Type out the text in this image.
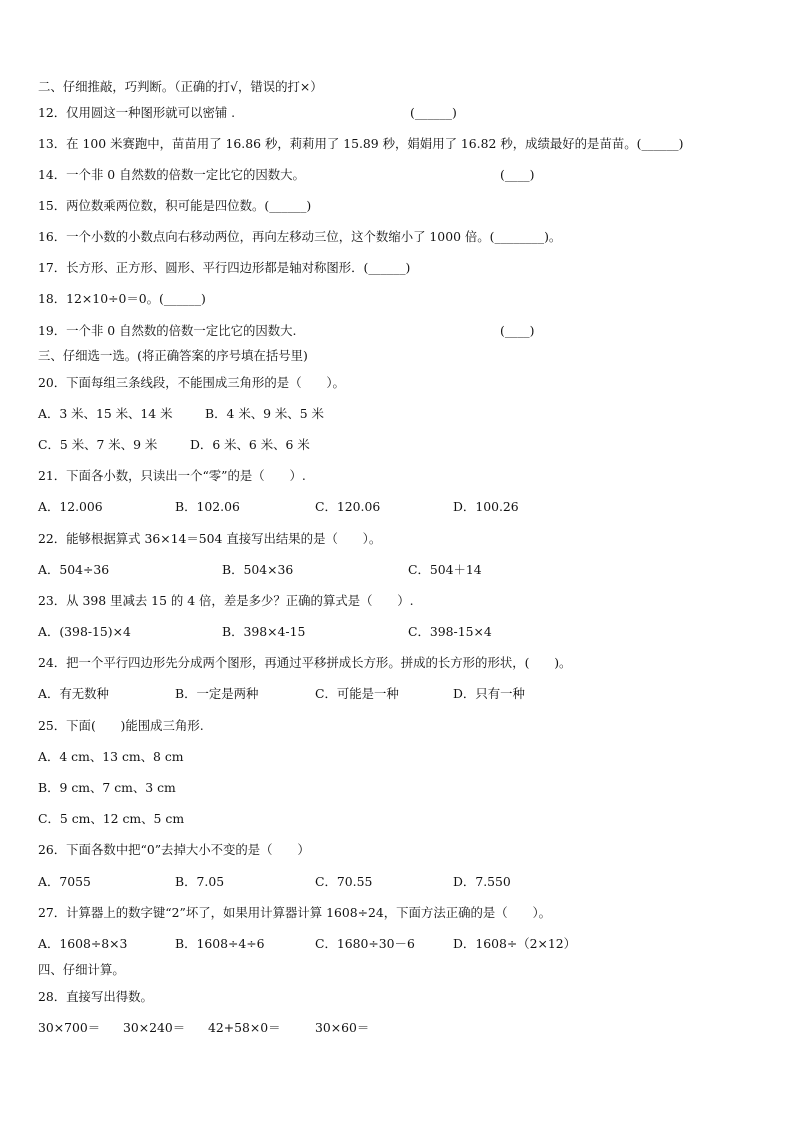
二、仔细推敲，巧判断。（正确的打√，错误的打×）
12．仅用圆这一种图形就可以密铺 .	(______)
13．在 100 米赛跑中，苗苗用了 16.86 秒，莉莉用了 15.89 秒，娟娟用了 16.82 秒，成绩最好的是苗苗。(______)
14．一个非 0 自然数的倍数一定比它的因数大。	(____)
15．两位数乘两位数，积可能是四位数。(______)
16．一个小数的小数点向右移动两位，再向左移动三位，这个数缩小了 1000 倍。(________)。
17．长方形、正方形、圆形、平行四边形都是轴对称图形．(______)
18．12×10÷0＝0。(______)
19．一个非 0 自然数的倍数一定比它的因数大.	(____)
三、仔细选一选。(将正确答案的序号填在括号里)
20．下面每组三条线段，不能围成三角形的是（　　）。
A．3 米、15 米、14 米	B．4 米、9 米、5 米
C．5 米、7 米、9 米	D．6 米、6 米、6 米
21．下面各小数，只读出一个“零”的是（　　）.
A．12.006	B．102.06	C．120.06	D．100.26
22．能够根据算式 36×14＝504 直接写出结果的是（　　）。
A．504÷36	B．504×36	C．504＋14
23．从 398 里减去 15 的 4 倍，差是多少？正确的算式是（　　）.
A．(398-15)×4	B．398×4-15	C．398-15×4
24．把一个平行四边形先分成两个图形，再通过平移拼成长方形。拼成的长方形的形状，(　　)。
A．有无数种	B．一定是两种	C．可能是一种	D．只有一种
25．下面(　　)能围成三角形.
A．4 cm、13 cm、8 cm
B．9 cm、7 cm、3 cm
C．5 cm、12 cm、5 cm
26．下面各数中把“0”去掉大小不变的是（　　）
A．7055	B．7.05	C．70.55	D．7.550
27．计算器上的数字键“2”坏了，如果用计算器计算 1608÷24，下面方法正确的是（　　）。
A．1608÷8×3	B．1608÷4÷6	C．1680÷30－6	D．1608÷（2×12）
四、仔细计算。
28．直接写出得数。
30×700＝ 30×240＝ 42+58×0＝	30×60＝
